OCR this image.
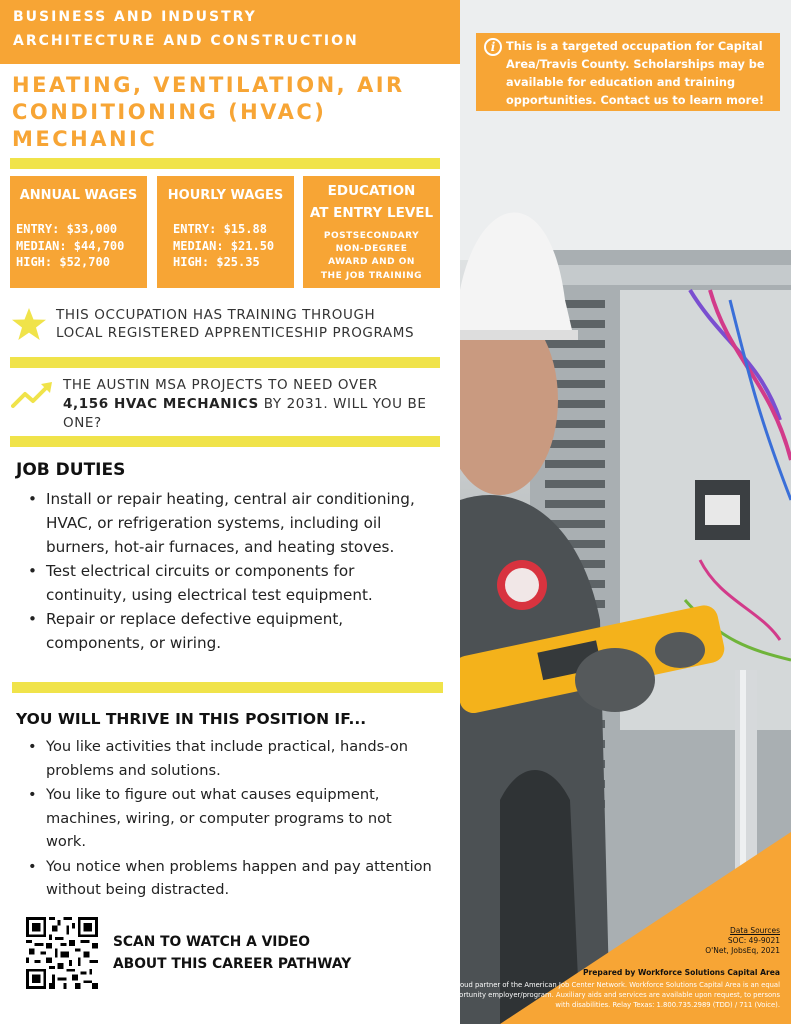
BUSINESS AND INDUSTRY
ARCHITECTURE AND CONSTRUCTION	i This is a targeted occupation for Capital Area/Travis County. Scholarships may be available for education and training opportunities. Contact us to learn more!
HEATING, VENTILATION, AIR
CONDITIONING (HVAC)
MECHANIC
ANNUAL WAGES
ENTRY: $33,000
MEDIAN: $44,700
HIGH: $52,700
HOURLY WAGES
ENTRY: $15.88
MEDIAN: $21.50
HIGH: $25.35
EDUCATION
AT ENTRY LEVEL
POSTSECONDARY
NON-DEGREE
AWARD AND ON
THE JOB TRAINING
THIS OCCUPATION HAS TRAINING THROUGH
LOCAL REGISTERED APPRENTICESHIP PROGRAMS
THE AUSTIN MSA PROJECTS TO NEED OVER
4,156 HVAC MECHANICS BY 2031. WILL YOU BE
ONE?
JOB DUTIES
• Install or repair heating, central air conditioning, HVAC, or refrigeration systems, including oil burners, hot-air furnaces, and heating stoves.
• Test electrical circuits or components for continuity, using electrical test equipment.
• Repair or replace defective equipment, components, or wiring.
YOU WILL THRIVE IN THIS POSITION IF...
• You like activities that include practical, hands-on problems and solutions.
• You like to figure out what causes equipment, machines, wiring, or computer programs to not work.
• You notice when problems happen and pay attention without being distracted.
SCAN TO WATCH A VIDEO
ABOUT THIS CAREER PATHWAY
Data Sources
SOC: 49-9021
O'Net, JobsEq, 2021
Prepared by Workforce Solutions Capital Area
A proud partner of the American Job Center Network. Workforce Solutions Capital Area is an equal opportunity employer/program. Auxiliary aids and services are available upon request, to persons with disabilities. Relay Texas: 1.800.735.2989 (TDD) / 711 (Voice).
